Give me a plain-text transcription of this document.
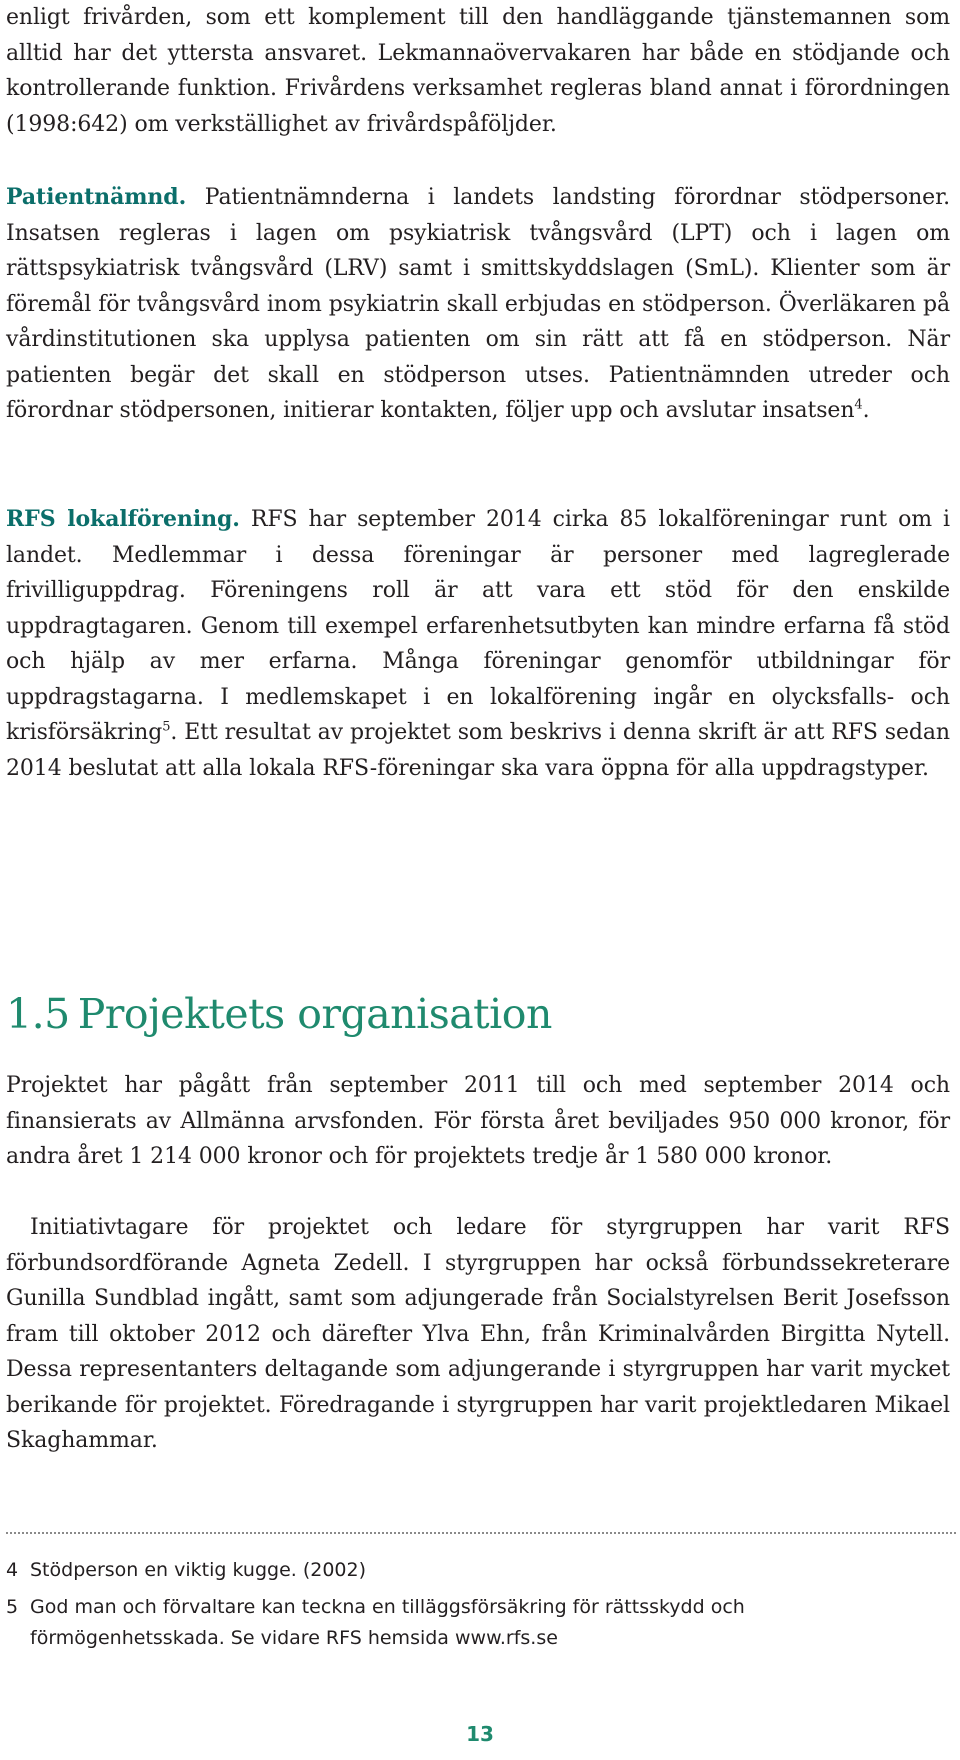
enligt frivården, som ett komplement till den handläggande tjänstemannen som alltid har det yttersta ansvaret. Lekmannaövervakaren har både en stödjande och kontrollerande funktion. Frivårdens verksamhet regleras bland annat i förordningen (1998:642) om verkställighet av frivårdspåföljder.

Patientnämnd. Patientnämnderna i landets landsting förordnar stödpersoner. Insatsen regleras i lagen om psykiatrisk tvångsvård (LPT) och i lagen om rättspsykiatrisk tvångsvård (LRV) samt i smittskyddslagen (SmL). Klienter som är föremål för tvångsvård inom psykiatrin skall erbjudas en stödperson. Överläkaren på vårdinstitutionen ska upplysa patienten om sin rätt att få en stödperson. När patienten begär det skall en stödperson utses. Patientnämnden utreder och förordnar stödpersonen, initierar kontakten, följer upp och avslutar insatsen$^4$.

RFS lokalförening. RFS har september 2014 cirka 85 lokalföreningar runt om i landet. Medlemmar i dessa föreningar är personer med lagreglerade frivilliguppdrag. Föreningens roll är att vara ett stöd för den enskilde uppdragtagaren. Genom till exempel erfarenhetsutbyten kan mindre erfarna få stöd och hjälp av mer erfarna. Många föreningar genomför utbildningar för uppdragstagarna. I medlemskapet i en lokalförening ingår en olycksfalls- och krisförsäkring$^5$. Ett resultat av projektet som beskrivs i denna skrift är att RFS sedan 2014 beslutat att alla lokala RFS-föreningar ska vara öppna för alla uppdragstyper.

1.5 Projektets organisation

Projektet har pågått från september 2011 till och med september 2014 och finansierats av Allmänna arvsfonden. För första året beviljades 950 000 kronor, för andra året 1 214 000 kronor och för projektets tredje år 1 580 000 kronor.

Initiativtagare för projektet och ledare för styrgruppen har varit RFS förbundsordförande Agneta Zedell. I styrgruppen har också förbundssekreterare Gunilla Sundblad ingått, samt som adjungerade från Socialstyrelsen Berit Josefsson fram till oktober 2012 och därefter Ylva Ehn, från Kriminalvården Birgitta Nytell. Dessa representanters deltagande som adjungerande i styrgruppen har varit mycket berikande för projektet. Föredragande i styrgruppen har varit projektledaren Mikael Skaghammar.

4 Stödperson en viktig kugge. (2002)
5 God man och förvaltare kan teckna en tilläggsförsäkring för rättsskydd och förmögenhetsskada. Se vidare RFS hemsida www.rfs.se
13
